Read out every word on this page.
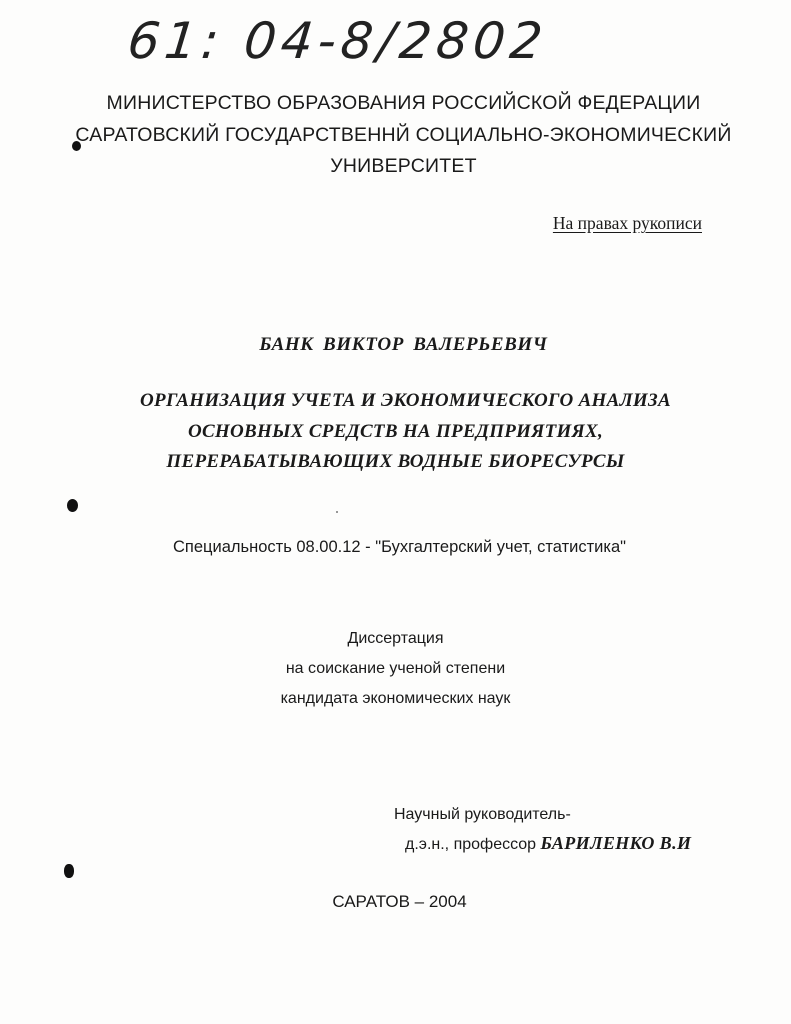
61: 04-8/2802
МИНИСТЕРСТВО ОБРАЗОВАНИЯ РОССИЙСКОЙ ФЕДЕРАЦИИ
САРАТОВСКИЙ ГОСУДАРСТВЕННЙ СОЦИАЛЬНО-ЭКОНОМИЧЕСКИЙ
УНИВЕРСИТЕТ
На правах рукописи
БАНК ВИКТОР ВАЛЕРЬЕВИЧ
ОРГАНИЗАЦИЯ УЧЕТА И ЭКОНОМИЧЕСКОГО АНАЛИЗА
ОСНОВНЫХ СРЕДСТВ НА ПРЕДПРИЯТИЯХ,
ПЕРЕРАБАТЫВАЮЩИХ ВОДНЫЕ БИОРЕСУРСЫ
Специальность 08.00.12 - "Бухгалтерский учет, статистика"
Диссертация
на соискание ученой степени
кандидата экономических наук
Научный руководитель-
д.э.н., профессор БАРИЛЕНКО В.И
САРАТОВ – 2004
